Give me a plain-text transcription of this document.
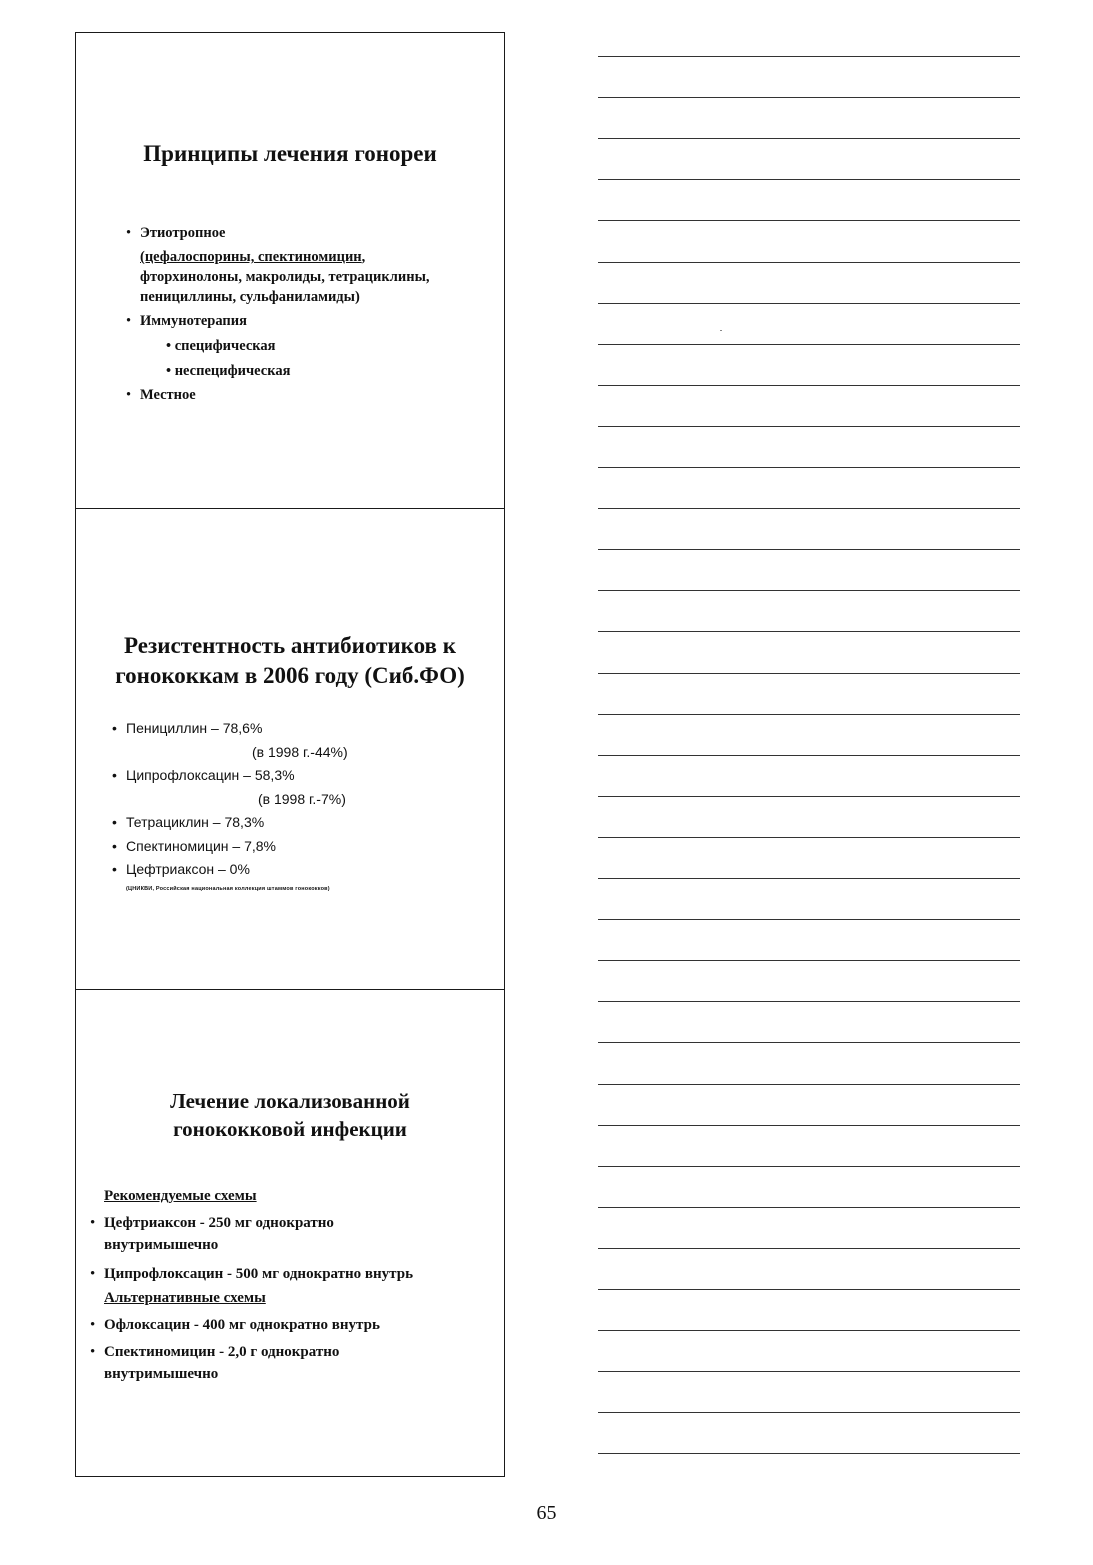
Принципы лечения гонореи
• Этиотропное
(цефалоспорины, спектиномицин,
фторхинолоны, макролиды, тетрациклины,
пенициллины, сульфаниламиды)
• Иммунотерапия
• специфическая
• неспецифическая
• Местное
Резистентность антибиотиков к
гонококкам в 2006 году (Сиб.ФО)
• Пенициллин – 78,6%
(в 1998 г.-44%)
• Ципрофлоксацин – 58,3%
(в 1998 г.-7%)
• Тетрациклин – 78,3%
• Спектиномицин – 7,8%
• Цефтриаксон – 0%
(ЦНИКВИ, Российская национальная коллекция штаммов гонококков)
Лечение локализованной
гонококковой инфекции
Рекомендуемые схемы
• Цефтриаксон - 250 мг однократно
внутримышечно
• Ципрофлоксацин - 500 мг однократно внутрь
Альтернативные схемы
• Офлоксацин - 400 мг однократно внутрь
• Спектиномицин - 2,0 г однократно
внутримышечно
65
